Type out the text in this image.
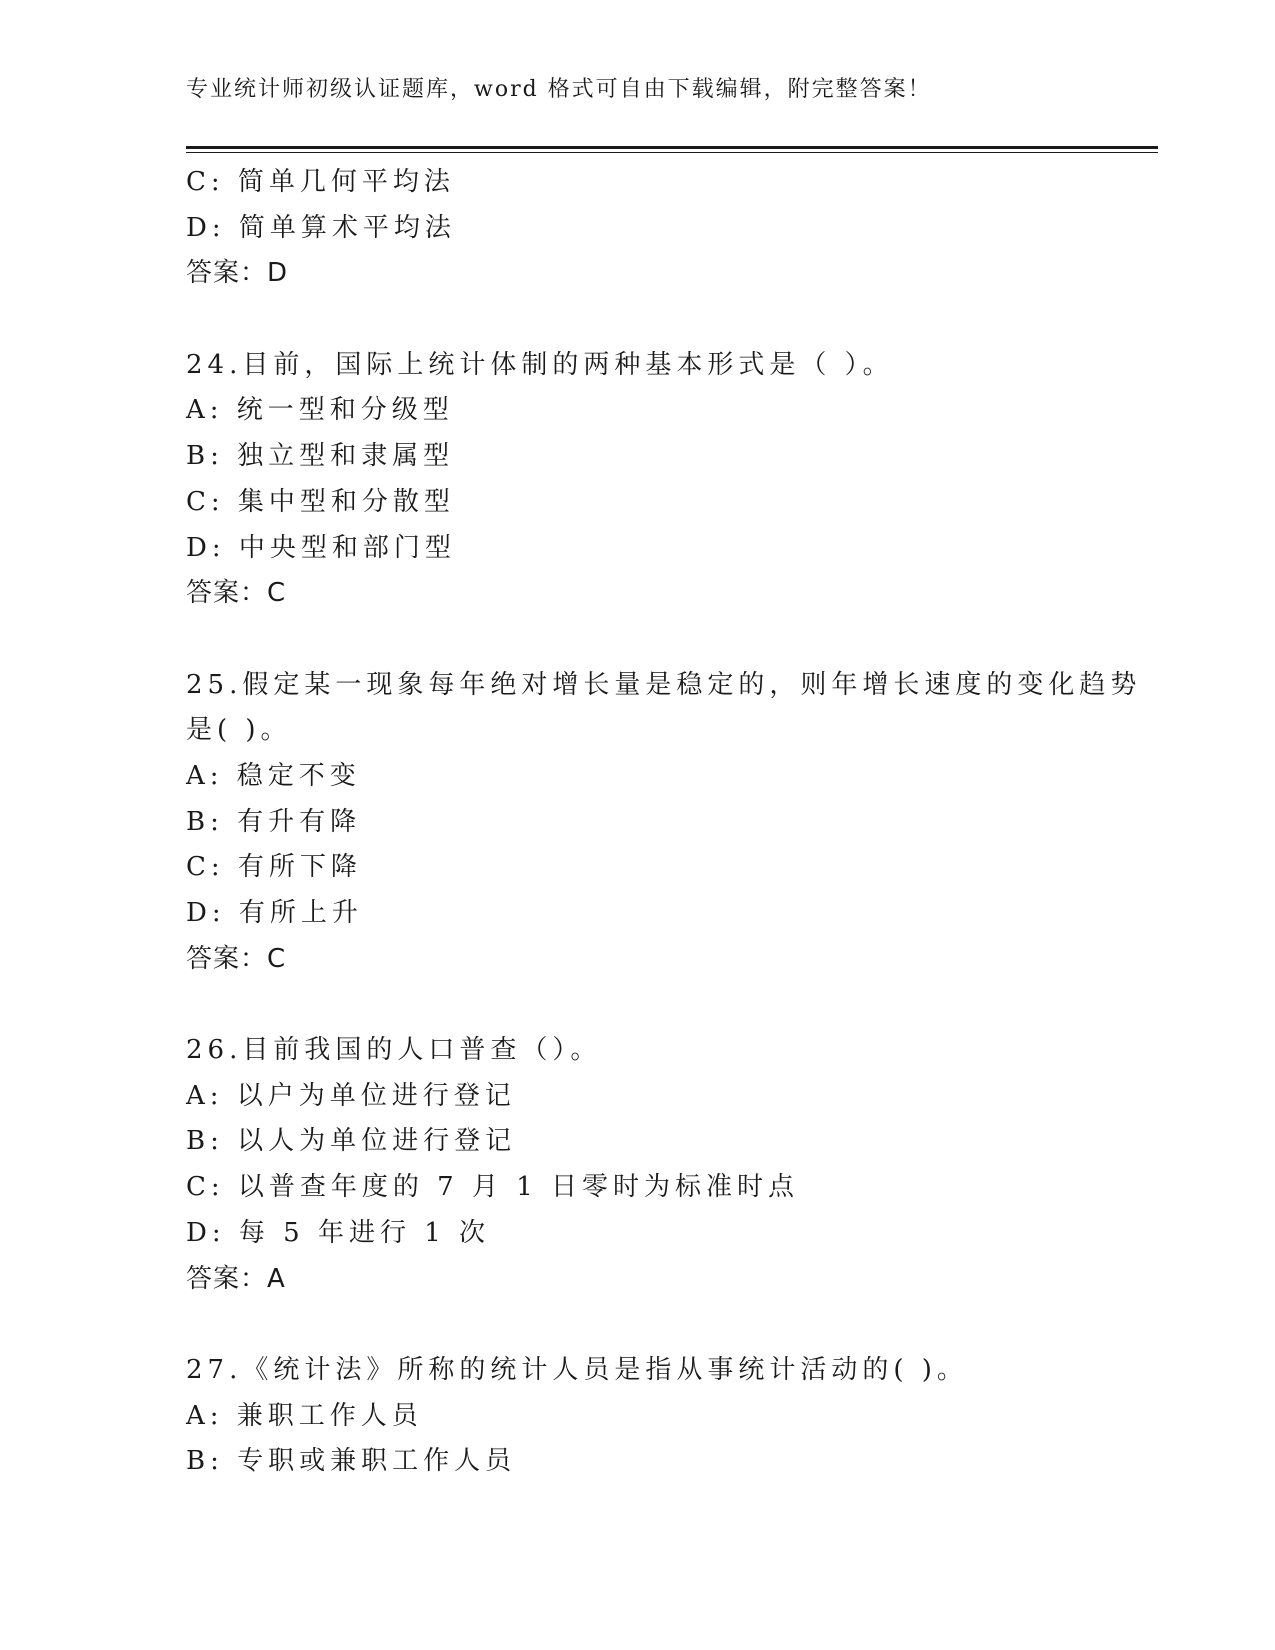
专业统计师初级认证题库，word 格式可自由下载编辑，附完整答案！
C: 简单几何平均法
D: 简单算术平均法
答案：D
24.目前，国际上统计体制的两种基本形式是（ ）。
A: 统一型和分级型
B: 独立型和隶属型
C: 集中型和分散型
D: 中央型和部门型
答案：C
25.假定某一现象每年绝对增长量是稳定的，则年增长速度的变化趋势
是( )。
A: 稳定不变
B: 有升有降
C: 有所下降
D: 有所上升
答案：C
26.目前我国的人口普查（）。
A: 以户为单位进行登记
B: 以人为单位进行登记
C: 以普查年度的 7 月 1 日零时为标准时点
D: 每 5 年进行 1 次
答案：A
27.《统计法》所称的统计人员是指从事统计活动的( )。
A: 兼职工作人员
B: 专职或兼职工作人员
